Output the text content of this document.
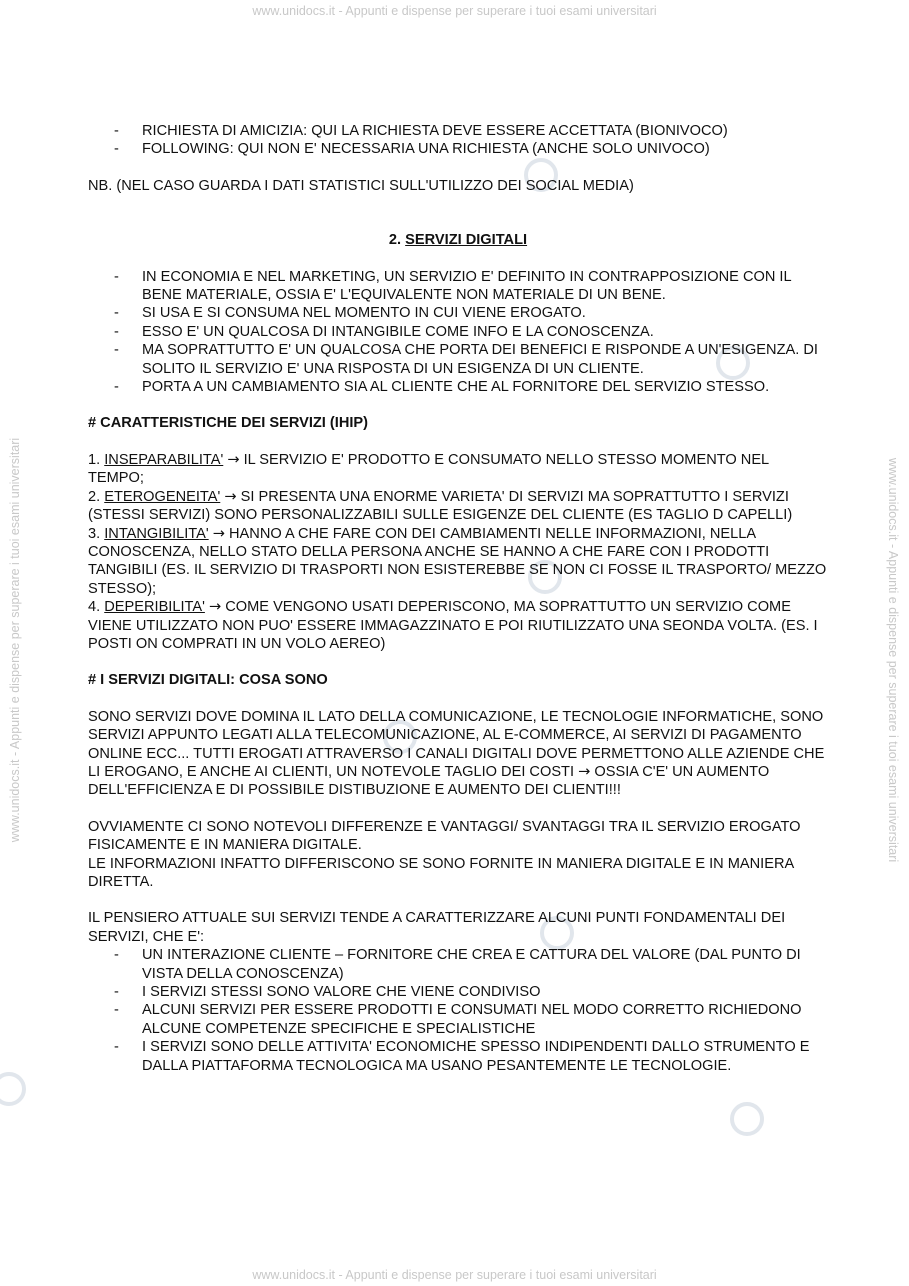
www.unidocs.it - Appunti e dispense per superare i tuoi esami universitari
www.unidocs.it - Appunti e dispense per superare i tuoi esami universitari
www.unidocs.it - Appunti e dispense per superare i tuoi esami universitari	www.unidocs.it - Appunti e dispense per superare i tuoi esami universitari
- RICHIESTA DI AMICIZIA: QUI LA RICHIESTA DEVE ESSERE ACCETTATA (BIONIVOCO)
- FOLLOWING: QUI NON E' NECESSARIA UNA RICHIESTA (ANCHE SOLO UNIVOCO)

NB. (NEL CASO GUARDA I DATI STATISTICI SULL'UTILIZZO DEI SOCIAL MEDIA)

2. SERVIZI DIGITALI

- IN ECONOMIA E NEL MARKETING, UN SERVIZIO E' DEFINITO IN CONTRAPPOSIZIONE CON IL BENE MATERIALE, OSSIA E' L'EQUIVALENTE NON MATERIALE DI UN BENE.
- SI USA E SI CONSUMA NEL MOMENTO IN CUI VIENE EROGATO.
- ESSO E' UN QUALCOSA DI INTANGIBILE COME INFO E LA CONOSCENZA.
- MA SOPRATTUTTO E' UN QUALCOSA CHE PORTA DEI BENEFICI E RISPONDE A UN'ESIGENZA. DI SOLITO IL SERVIZIO E' UNA RISPOSTA DI UN ESIGENZA DI UN CLIENTE.
- PORTA A UN CAMBIAMENTO SIA AL CLIENTE CHE AL FORNITORE DEL SERVIZIO STESSO.

# CARATTERISTICHE DEI SERVIZI (IHIP)

1. INSEPARABILITA' → IL SERVIZIO E' PRODOTTO E CONSUMATO NELLO STESSO MOMENTO NEL TEMPO;

2. ETEROGENEITA' → SI PRESENTA UNA ENORME VARIETA' DI SERVIZI MA SOPRATTUTTO I SERVIZI (STESSI SERVIZI) SONO PERSONALIZZABILI SULLE ESIGENZE DEL CLIENTE (ES TAGLIO D CAPELLI)

3. INTANGIBILITA' → HANNO A CHE FARE CON DEI CAMBIAMENTI NELLE INFORMAZIONI, NELLA CONOSCENZA, NELLO STATO DELLA PERSONA ANCHE SE HANNO A CHE FARE CON I PRODOTTI TANGIBILI (ES. IL SERVIZIO DI TRASPORTI NON ESISTEREBBE SE NON CI FOSSE IL TRASPORTO/ MEZZO STESSO);

4. DEPERIBILITA' → COME VENGONO USATI DEPERISCONO, MA SOPRATTUTTO UN SERVIZIO COME VIENE UTILIZZATO NON PUO' ESSERE IMMAGAZZINATO E POI RIUTILIZZATO UNA SEONDA VOLTA. (ES. I POSTI ON COMPRATI IN UN VOLO AEREO)

# I SERVIZI DIGITALI: COSA SONO

SONO SERVIZI DOVE DOMINA IL LATO DELLA COMUNICAZIONE, LE TECNOLOGIE INFORMATICHE, SONO SERVIZI APPUNTO LEGATI ALLA TELECOMUNICAZIONE, AL E-COMMERCE, AI SERVIZI DI PAGAMENTO ONLINE ECC... TUTTI EROGATI ATTRAVERSO I CANALI DIGITALI DOVE PERMETTONO ALLE AZIENDE CHE LI EROGANO, E ANCHE AI CLIENTI, UN NOTEVOLE TAGLIO DEI COSTI → OSSIA C'E' UN AUMENTO DELL'EFFICIENZA E DI POSSIBILE DISTIBUZIONE E AUMENTO DEI CLIENTI!!!

OVVIAMENTE CI SONO NOTEVOLI DIFFERENZE E VANTAGGI/ SVANTAGGI TRA IL SERVIZIO EROGATO FISICAMENTE E IN MANIERA DIGITALE.

LE INFORMAZIONI INFATTO DIFFERISCONO SE SONO FORNITE IN MANIERA DIGITALE E IN MANIERA DIRETTA.

IL PENSIERO ATTUALE SUI SERVIZI TENDE A CARATTERIZZARE ALCUNI PUNTI FONDAMENTALI DEI SERVIZI, CHE E':

- UN INTERAZIONE CLIENTE – FORNITORE CHE CREA E CATTURA DEL VALORE (DAL PUNTO DI VISTA DELLA CONOSCENZA)
- I SERVIZI STESSI SONO VALORE CHE VIENE CONDIVISO
- ALCUNI SERVIZI PER ESSERE PRODOTTI E CONSUMATI NEL MODO CORRETTO RICHIEDONO ALCUNE COMPETENZE SPECIFICHE E SPECIALISTICHE
- I SERVIZI SONO DELLE ATTIVITA' ECONOMICHE SPESSO INDIPENDENTI DALLO STRUMENTO E DALLA PIATTAFORMA TECNOLOGICA MA USANO PESANTEMENTE LE TECNOLOGIE.
